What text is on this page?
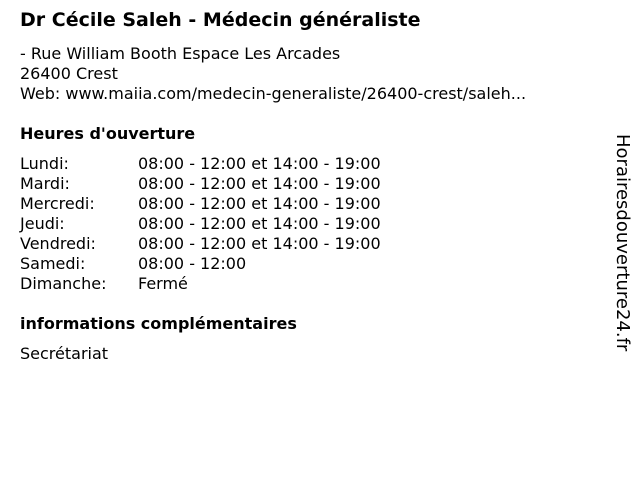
Dr Cécile Saleh - Médecin généraliste
- Rue William Booth Espace Les Arcades
26400 Crest
Web: www.maiia.com/medecin-generaliste/26400-crest/saleh...
Heures d'ouverture
Lundi:	08:00 - 12:00 et 14:00 - 19:00
Mardi:	08:00 - 12:00 et 14:00 - 19:00
Mercredi:	08:00 - 12:00 et 14:00 - 19:00
Jeudi:	08:00 - 12:00 et 14:00 - 19:00
Vendredi:	08:00 - 12:00 et 14:00 - 19:00
Samedi:	08:00 - 12:00
Dimanche:	Fermé
informations complémentaires
Secrétariat
Horairesdouverture24.fr
